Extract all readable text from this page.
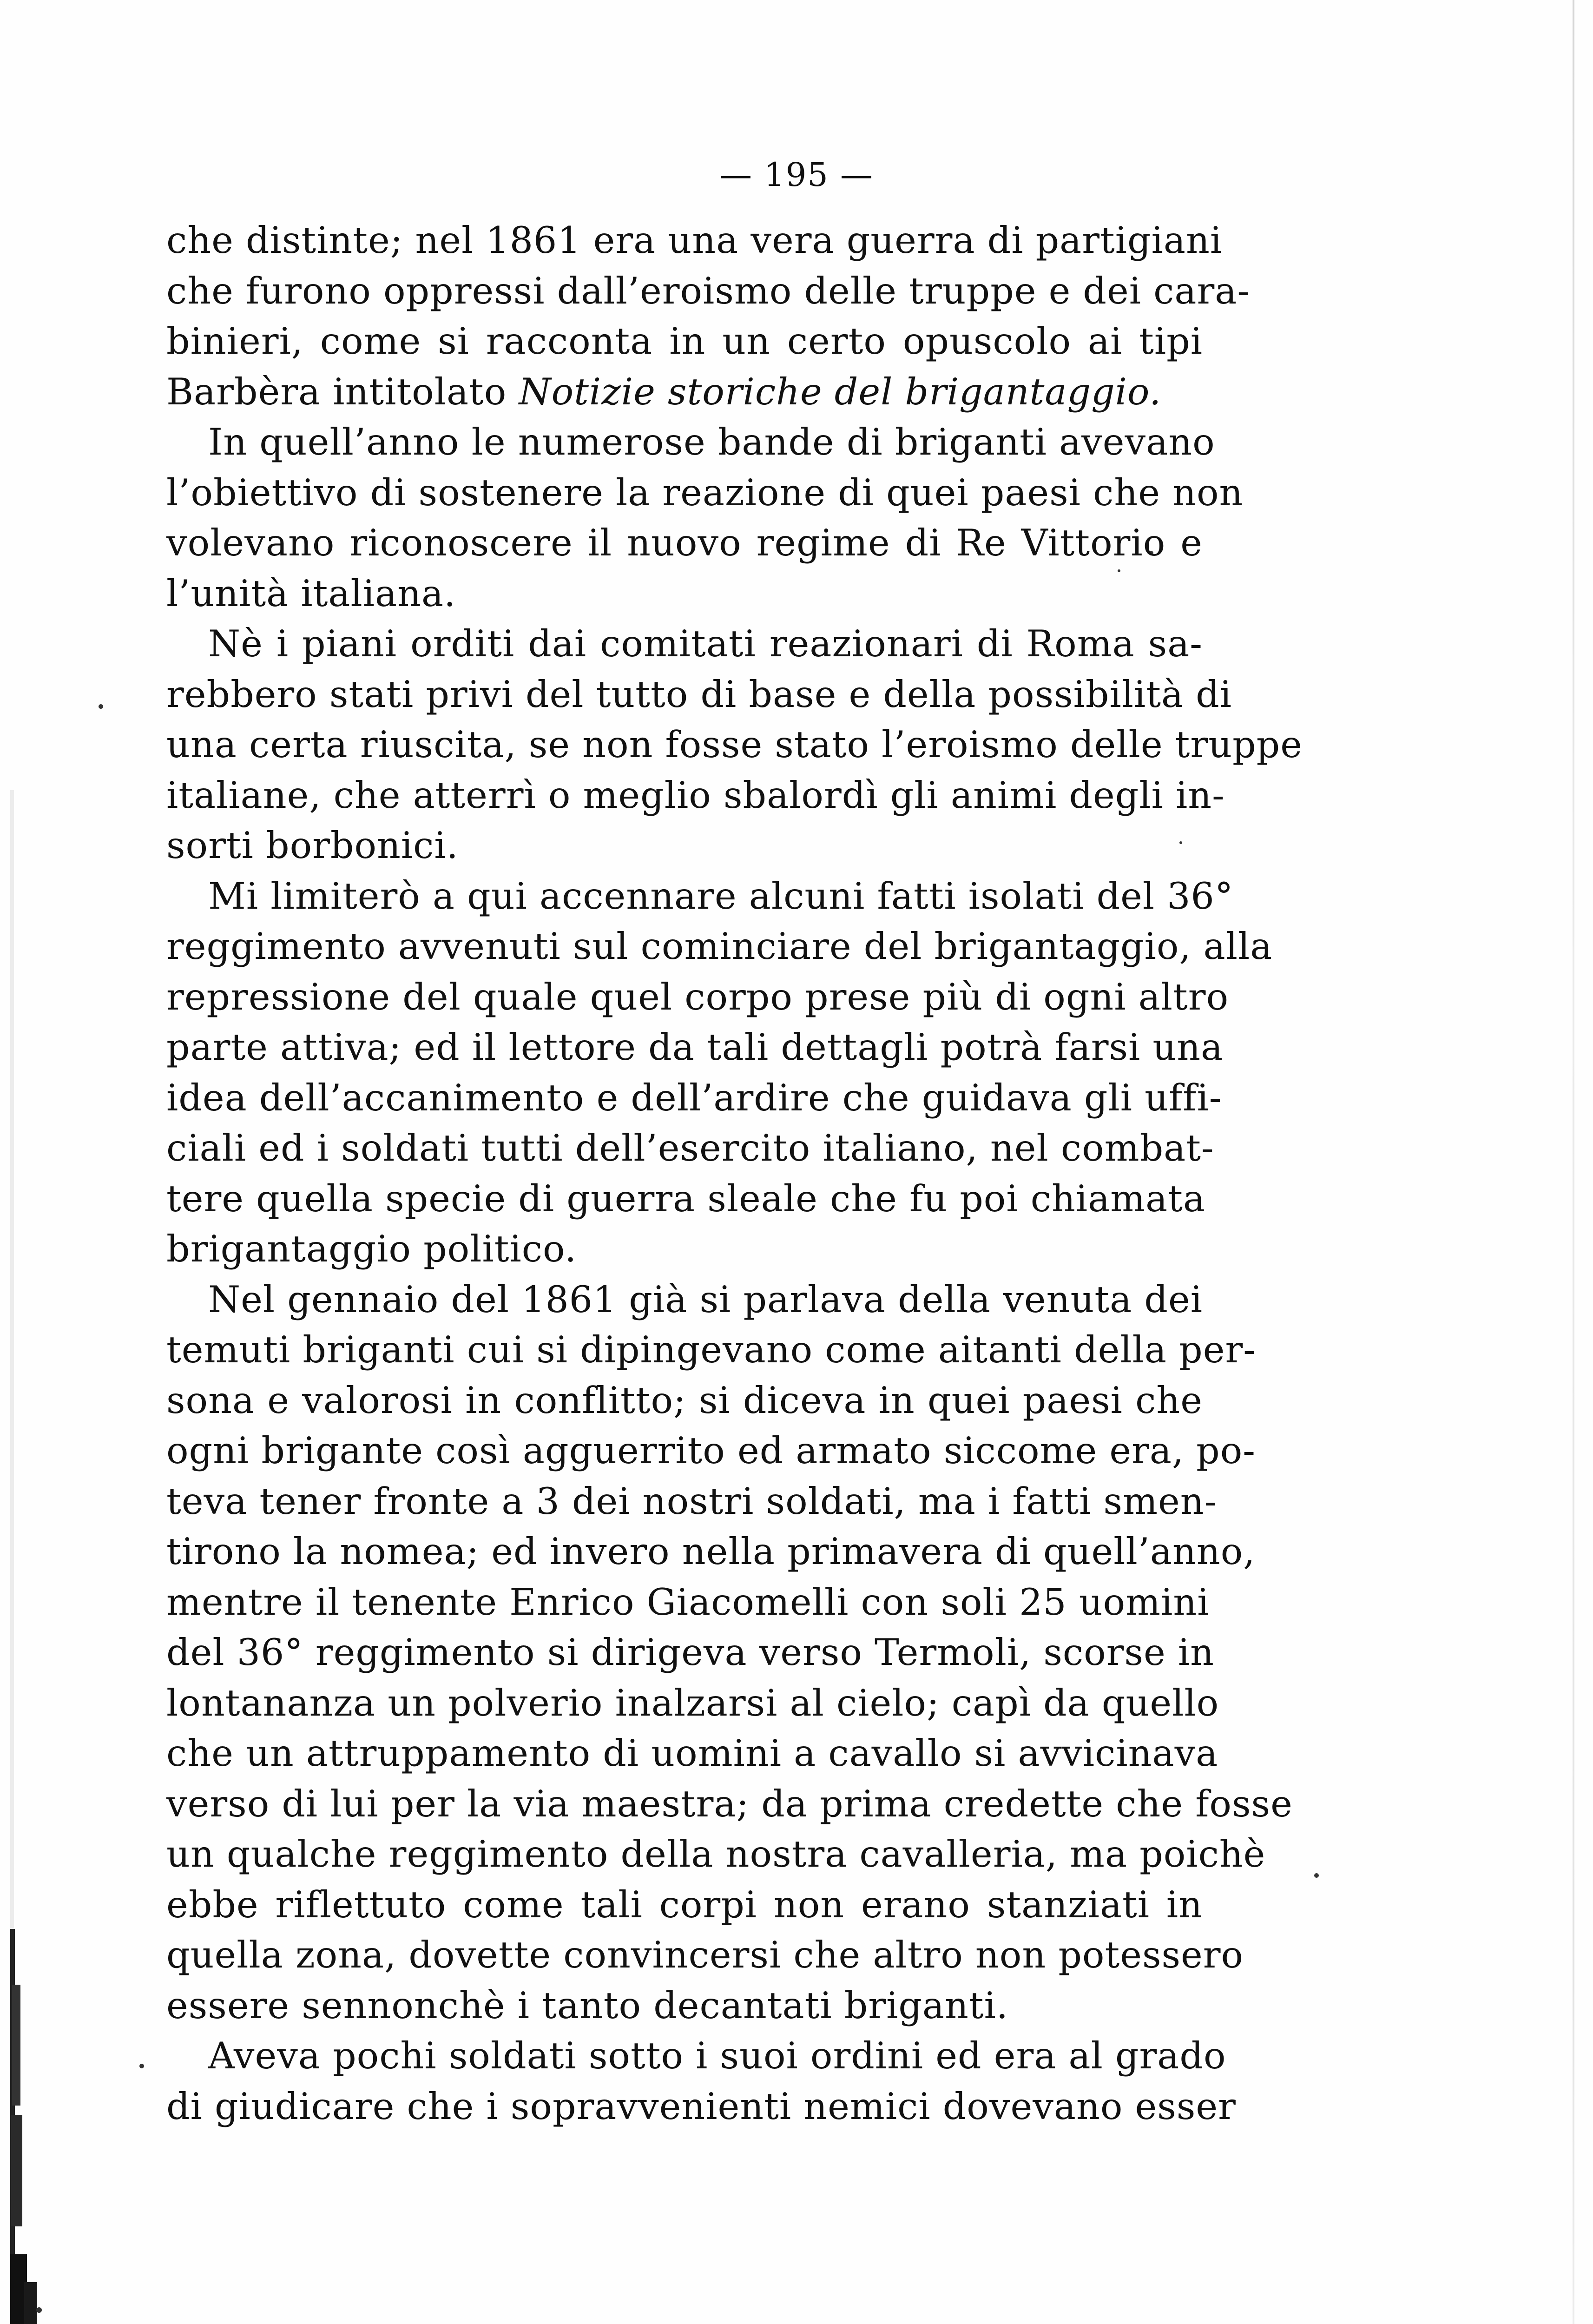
— 195 —
che distinte; nel 1861 era una vera guerra di partigiani
che furono oppressi dall’eroismo delle truppe e dei cara-
binieri, come si racconta in un certo opuscolo ai tipi
Barbèra intitolato Notizie storiche del brigantaggio.
In quell’anno le numerose bande di briganti avevano
l’obiettivo di sostenere la reazione di quei paesi che non
volevano riconoscere il nuovo regime di Re Vittorio e
l’unità italiana.
Nè i piani orditi dai comitati reazionari di Roma sa-
rebbero stati privi del tutto di base e della possibilità di
una certa riuscita, se non fosse stato l’eroismo delle truppe
italiane, che atterrì o meglio sbalordì gli animi degli in-
sorti borbonici.
Mi limiterò a qui accennare alcuni fatti isolati del 36°
reggimento avvenuti sul cominciare del brigantaggio, alla
repressione del quale quel corpo prese più di ogni altro
parte attiva; ed il lettore da tali dettagli potrà farsi una
idea dell’accanimento e dell’ardire che guidava gli uffi-
ciali ed i soldati tutti dell’esercito italiano, nel combat-
tere quella specie di guerra sleale che fu poi chiamata
brigantaggio politico.
Nel gennaio del 1861 già si parlava della venuta dei
temuti briganti cui si dipingevano come aitanti della per-
sona e valorosi in conflitto; si diceva in quei paesi che
ogni brigante così agguerrito ed armato siccome era, po-
teva tener fronte a 3 dei nostri soldati, ma i fatti smen-
tirono la nomea; ed invero nella primavera di quell’anno,
mentre il tenente Enrico Giacomelli con soli 25 uomini
del 36° reggimento si dirigeva verso Termoli, scorse in
lontananza un polverio inalzarsi al cielo; capì da quello
che un attruppamento di uomini a cavallo si avvicinava
verso di lui per la via maestra; da prima credette che fosse
un qualche reggimento della nostra cavalleria, ma poichè
ebbe riflettuto come tali corpi non erano stanziati in
quella zona, dovette convincersi che altro non potessero
essere sennonchè i tanto decantati briganti.
Aveva pochi soldati sotto i suoi ordini ed era al grado
di giudicare che i sopravvenienti nemici dovevano esser
